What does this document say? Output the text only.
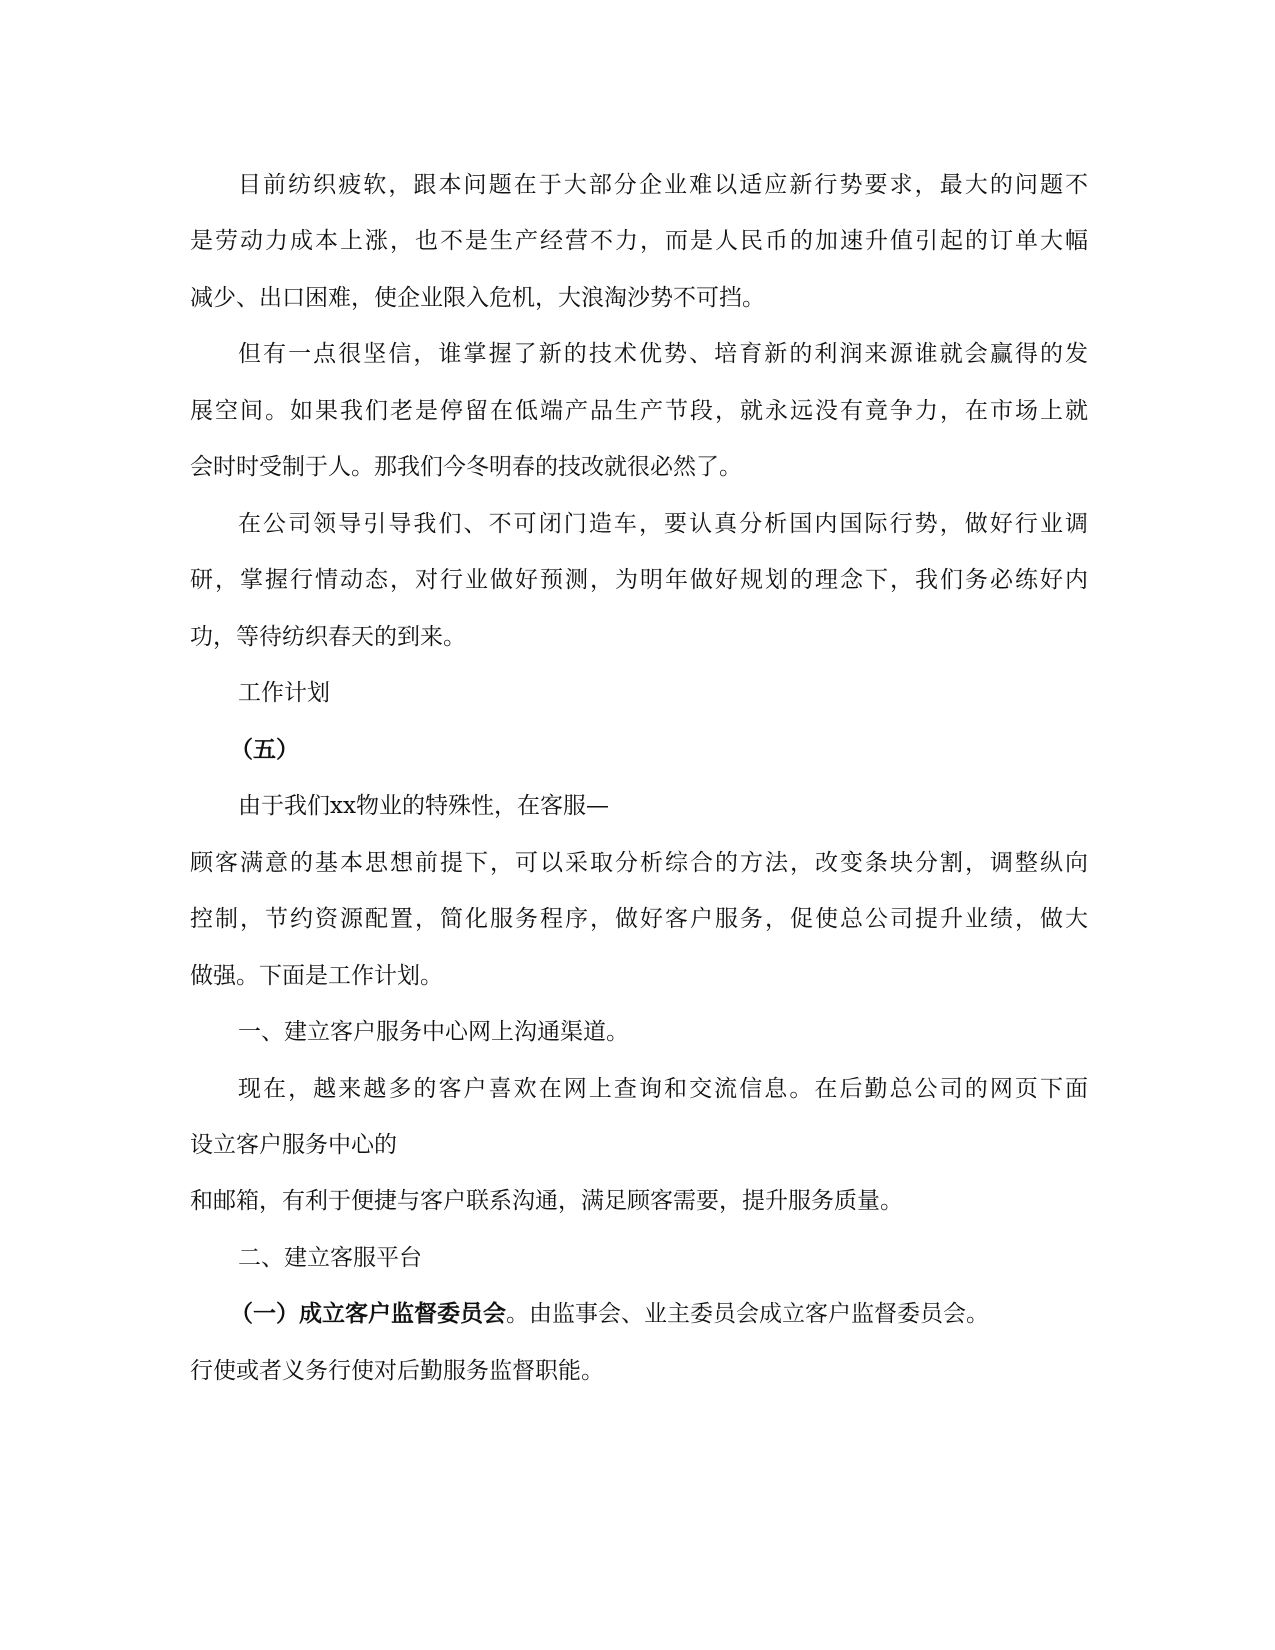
目前纺织疲软，跟本问题在于大部分企业难以适应新行势要求，最大的问题不
是劳动力成本上涨，也不是生产经营不力，而是人民币的加速升值引起的订单大幅
减少、出口困难，使企业限入危机，大浪淘沙势不可挡。
但有一点很坚信，谁掌握了新的技术优势、培育新的利润来源谁就会赢得的发
展空间。如果我们老是停留在低端产品生产节段，就永远没有竟争力，在市场上就
会时时受制于人。那我们今冬明春的技改就很必然了。
在公司领导引导我们、不可闭门造车，要认真分析国内国际行势，做好行业调
研，掌握行情动态，对行业做好预测，为明年做好规划的理念下，我们务必练好内
功，等待纺织春天的到来。
工作计划
（五）
由于我们xx物业的特殊性，在客服—
顾客满意的基本思想前提下，可以采取分析综合的方法，改变条块分割，调整纵向
控制，节约资源配置，简化服务程序，做好客户服务，促使总公司提升业绩，做大
做强。下面是工作计划。
一、建立客户服务中心网上沟通渠道。
现在，越来越多的客户喜欢在网上查询和交流信息。在后勤总公司的网页下面
设立客户服务中心的
和邮箱，有利于便捷与客户联系沟通，满足顾客需要，提升服务质量。
二、建立客服平台
（一）成立客户监督委员会。由监事会、业主委员会成立客户监督委员会。
行使或者义务行使对后勤服务监督职能。
